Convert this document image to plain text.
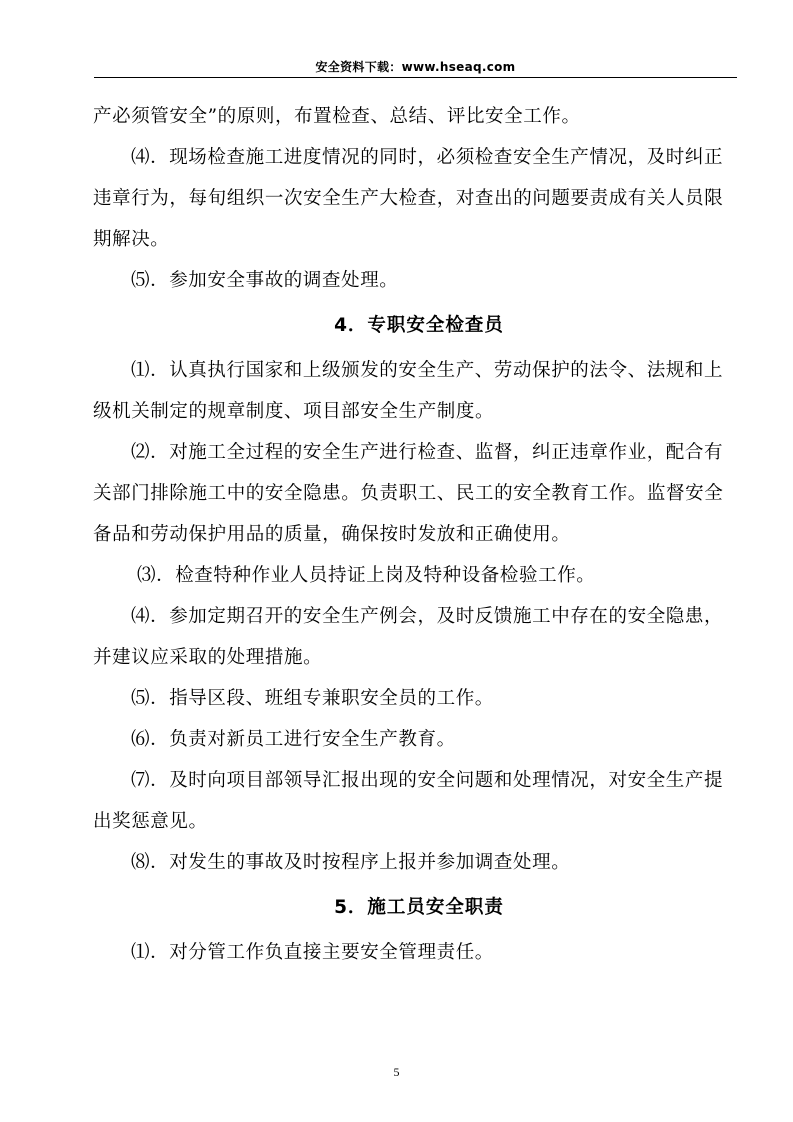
安全资料下载：www.hseaq.com

产必须管安全”的原则，布置检查、总结、评比安全工作。

⑷．现场检查施工进度情况的同时，必须检查安全生产情况，及时纠正违章行为，每旬组织一次安全生产大检查，对查出的问题要责成有关人员限期解决。

⑸．参加安全事故的调查处理。

4．专职安全检查员

⑴．认真执行国家和上级颁发的安全生产、劳动保护的法令、法规和上级机关制定的规章制度、项目部安全生产制度。

⑵．对施工全过程的安全生产进行检查、监督，纠正违章作业，配合有关部门排除施工中的安全隐患。负责职工、民工的安全教育工作。监督安全备品和劳动保护用品的质量，确保按时发放和正确使用。

⑶．检查特种作业人员持证上岗及特种设备检验工作。

⑷．参加定期召开的安全生产例会，及时反馈施工中存在的安全隐患，并建议应采取的处理措施。

⑸．指导区段、班组专兼职安全员的工作。

⑹．负责对新员工进行安全生产教育。

⑺．及时向项目部领导汇报出现的安全问题和处理情况，对安全生产提出奖惩意见。

⑻．对发生的事故及时按程序上报并参加调查处理。

5．施工员安全职责

⑴．对分管工作负直接主要安全管理责任。

5
